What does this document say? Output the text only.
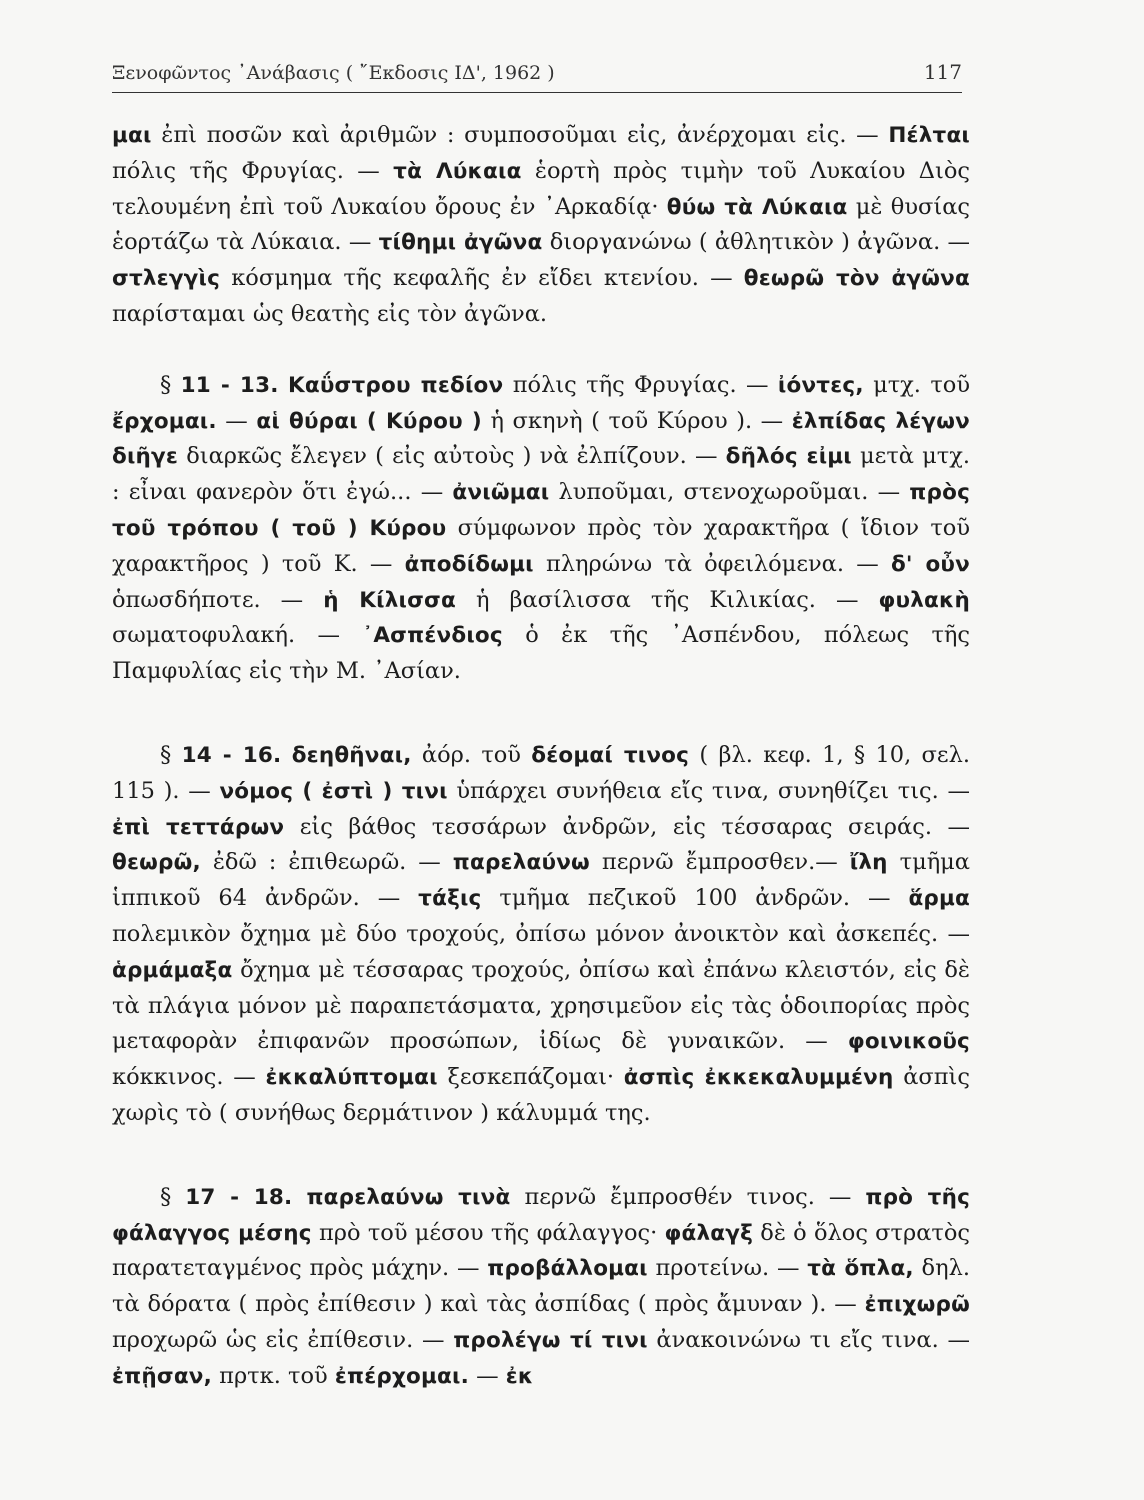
Ξενοφῶντος ᾿Ανάβασις ( ῎Εκδοσις ΙΔ', 1962 )	117

μαι ἐπὶ ποσῶν καὶ ἀριθμῶν : συμποσοῦμαι εἰς, ἀνέρχομαι εἰς. — Πέλται πόλις τῆς Φρυγίας. — τὰ Λύκαια ἑορτὴ πρὸς τιμὴν τοῦ Λυκαίου Διὸς τελουμένη ἐπὶ τοῦ Λυκαίου ὄρους ἐν ᾿Αρκαδίᾳ· θύω τὰ Λύκαια μὲ θυσίας ἑορτάζω τὰ Λύκαια. — τίθημι ἀγῶνα διοργανώνω ( ἀθλητικὸν ) ἀγῶνα. — στλεγγὶς κόσμημα τῆς κεφαλῆς ἐν εἴδει κτενίου. — θεωρῶ τὸν ἀγῶνα παρίσταμαι ὡς θεατὴς εἰς τὸν ἀγῶνα.

§ 11 - 13. Καΰστρου πεδίον πόλις τῆς Φρυγίας. — ἰόντες, μτχ. τοῦ ἔρχομαι. — αἱ θύραι ( Κύρου ) ἡ σκηνὴ ( τοῦ Κύρου ). — ἐλπίδας λέγων διῆγε διαρκῶς ἔλεγεν ( εἰς αὐτοὺς ) νὰ ἐλπίζουν. — δῆλός εἰμι μετὰ μτχ. : εἶναι φανερὸν ὅτι ἐγώ... — ἀνιῶμαι λυποῦμαι, στενοχωροῦμαι. — πρὸς τοῦ τρόπου ( τοῦ ) Κύρου σύμφωνον πρὸς τὸν χαρακτῆρα ( ἴδιον τοῦ χαρακτῆρος ) τοῦ Κ. — ἀποδίδωμι πληρώνω τὰ ὀφειλόμενα. — δ' οὖν ὁπωσδήποτε. — ἡ Κίλισσα ἡ βασίλισσα τῆς Κιλικίας. — φυλακὴ σωματοφυλακή. — ᾿Ασπένδιος ὁ ἐκ τῆς ᾿Ασπένδου, πόλεως τῆς Παμφυλίας εἰς τὴν Μ. ᾿Ασίαν.

§ 14 - 16. δεηθῆναι, ἀόρ. τοῦ δέομαί τινος ( βλ. κεφ. 1, § 10, σελ. 115 ). — νόμος ( ἐστὶ ) τινι ὑπάρχει συνήθεια εἴς τινα, συνηθίζει τις. — ἐπὶ τεττάρων εἰς βάθος τεσσάρων ἀνδρῶν, εἰς τέσσαρας σειράς. — θεωρῶ, ἐδῶ : ἐπιθεωρῶ. — παρελαύνω περνῶ ἔμπροσθεν.— ἴλη τμῆμα ἱππικοῦ 64 ἀνδρῶν. — τάξις τμῆμα πεζικοῦ 100 ἀνδρῶν. — ἅρμα πολεμικὸν ὄχημα μὲ δύο τροχούς, ὀπίσω μόνον ἀνοικτὸν καὶ ἀσκεπές. — ἁρμάμαξα ὄχημα μὲ τέσσαρας τροχούς, ὀπίσω καὶ ἐπάνω κλειστόν, εἰς δὲ τὰ πλάγια μόνον μὲ παραπετάσματα, χρησιμεῦον εἰς τὰς ὁδοιπορίας πρὸς μεταφορὰν ἐπιφανῶν προσώπων, ἰδίως δὲ γυναικῶν. — φοινικοῦς κόκκινος. — ἐκκαλύπτομαι ξεσκεπάζομαι· ἀσπὶς ἐκκεκαλυμμένη ἀσπὶς χωρὶς τὸ ( συνήθως δερμάτινον ) κάλυμμά της.

§ 17 - 18. παρελαύνω τινὰ περνῶ ἔμπροσθέν τινος. — πρὸ τῆς φάλαγγος μέσης πρὸ τοῦ μέσου τῆς φάλαγγος· φάλαγξ δὲ ὁ ὅλος στρατὸς παρατεταγμένος πρὸς μάχην. — προβάλλομαι προτείνω. — τὰ ὅπλα, δηλ. τὰ δόρατα ( πρὸς ἐπίθεσιν ) καὶ τὰς ἀσπίδας ( πρὸς ἄμυναν ). — ἐπιχωρῶ προχωρῶ ὡς εἰς ἐπίθεσιν. — προλέγω τί τινι ἀνακοινώνω τι εἴς τινα. — ἐπῇσαν, πρτκ. τοῦ ἐπέρχομαι. — ἐκ
